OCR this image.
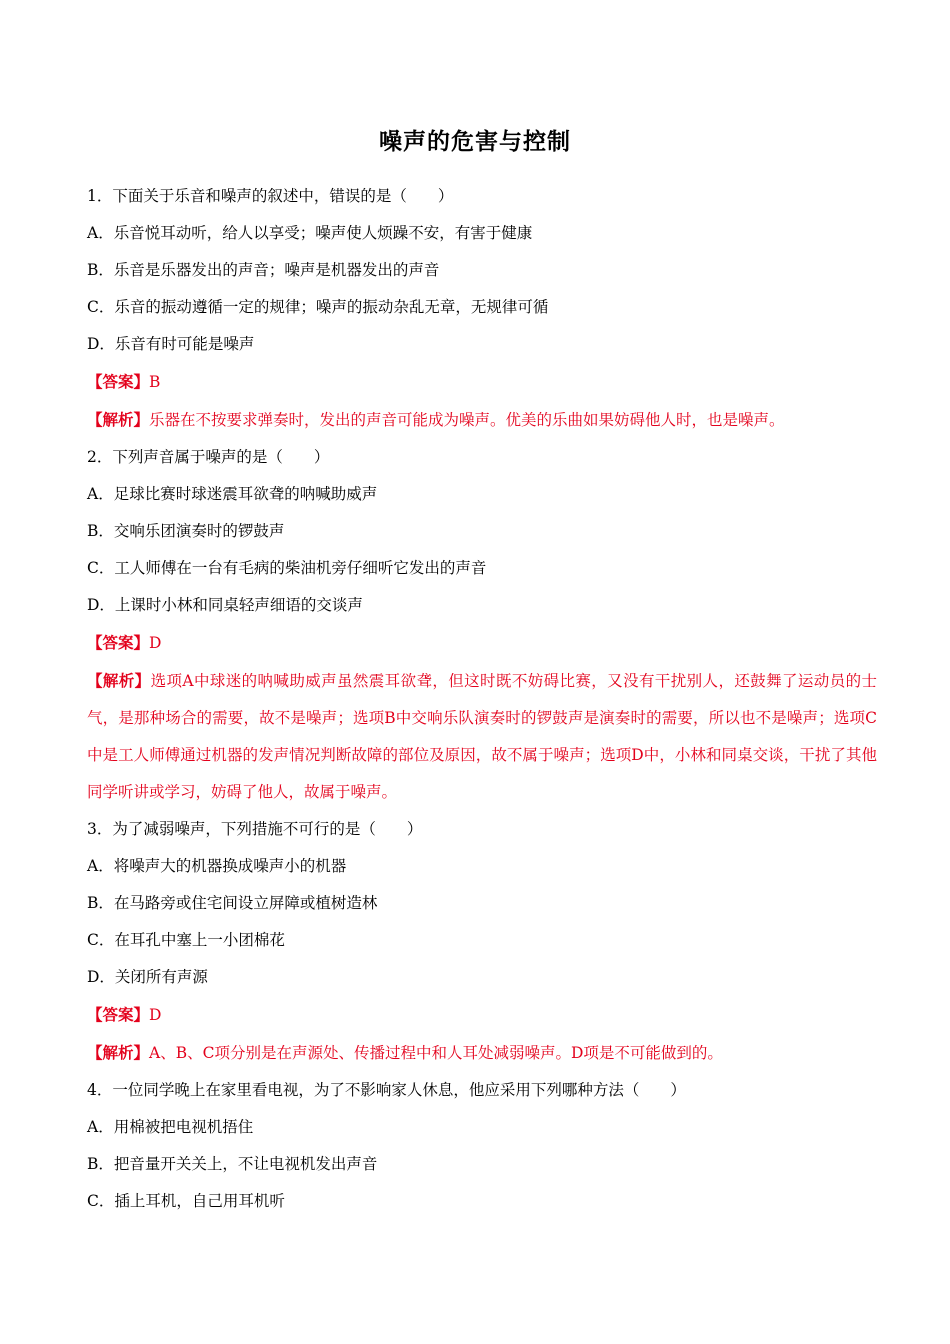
噪声的危害与控制
1．下面关于乐音和噪声的叙述中，错误的是（　　）
A．乐音悦耳动听，给人以享受；噪声使人烦躁不安，有害于健康
B．乐音是乐器发出的声音；噪声是机器发出的声音
C．乐音的振动遵循一定的规律；噪声的振动杂乱无章，无规律可循
D．乐音有时可能是噪声
【答案】B
【解析】乐器在不按要求弹奏时，发出的声音可能成为噪声。优美的乐曲如果妨碍他人时，也是噪声。
2．下列声音属于噪声的是（　　）
A．足球比赛时球迷震耳欲聋的呐喊助威声
B．交响乐团演奏时的锣鼓声
C．工人师傅在一台有毛病的柴油机旁仔细听它发出的声音
D．上课时小林和同桌轻声细语的交谈声
【答案】D
【解析】选项A中球迷的呐喊助威声虽然震耳欲聋，但这时既不妨碍比赛，又没有干扰别人，还鼓舞了运动员的士气，是那种场合的需要，故不是噪声；选项B中交响乐队演奏时的锣鼓声是演奏时的需要，所以也不是噪声；选项C中是工人师傅通过机器的发声情况判断故障的部位及原因，故不属于噪声；选项D中，小林和同桌交谈，干扰了其他同学听讲或学习，妨碍了他人，故属于噪声。
3．为了减弱噪声，下列措施不可行的是（　　）
A．将噪声大的机器换成噪声小的机器
B．在马路旁或住宅间设立屏障或植树造林
C．在耳孔中塞上一小团棉花
D．关闭所有声源
【答案】D
【解析】A、B、C项分别是在声源处、传播过程中和人耳处减弱噪声。D项是不可能做到的。
4．一位同学晚上在家里看电视，为了不影响家人休息，他应采用下列哪种方法（　　）
A．用棉被把电视机捂住
B．把音量开关关上，不让电视机发出声音
C．插上耳机，自己用耳机听
